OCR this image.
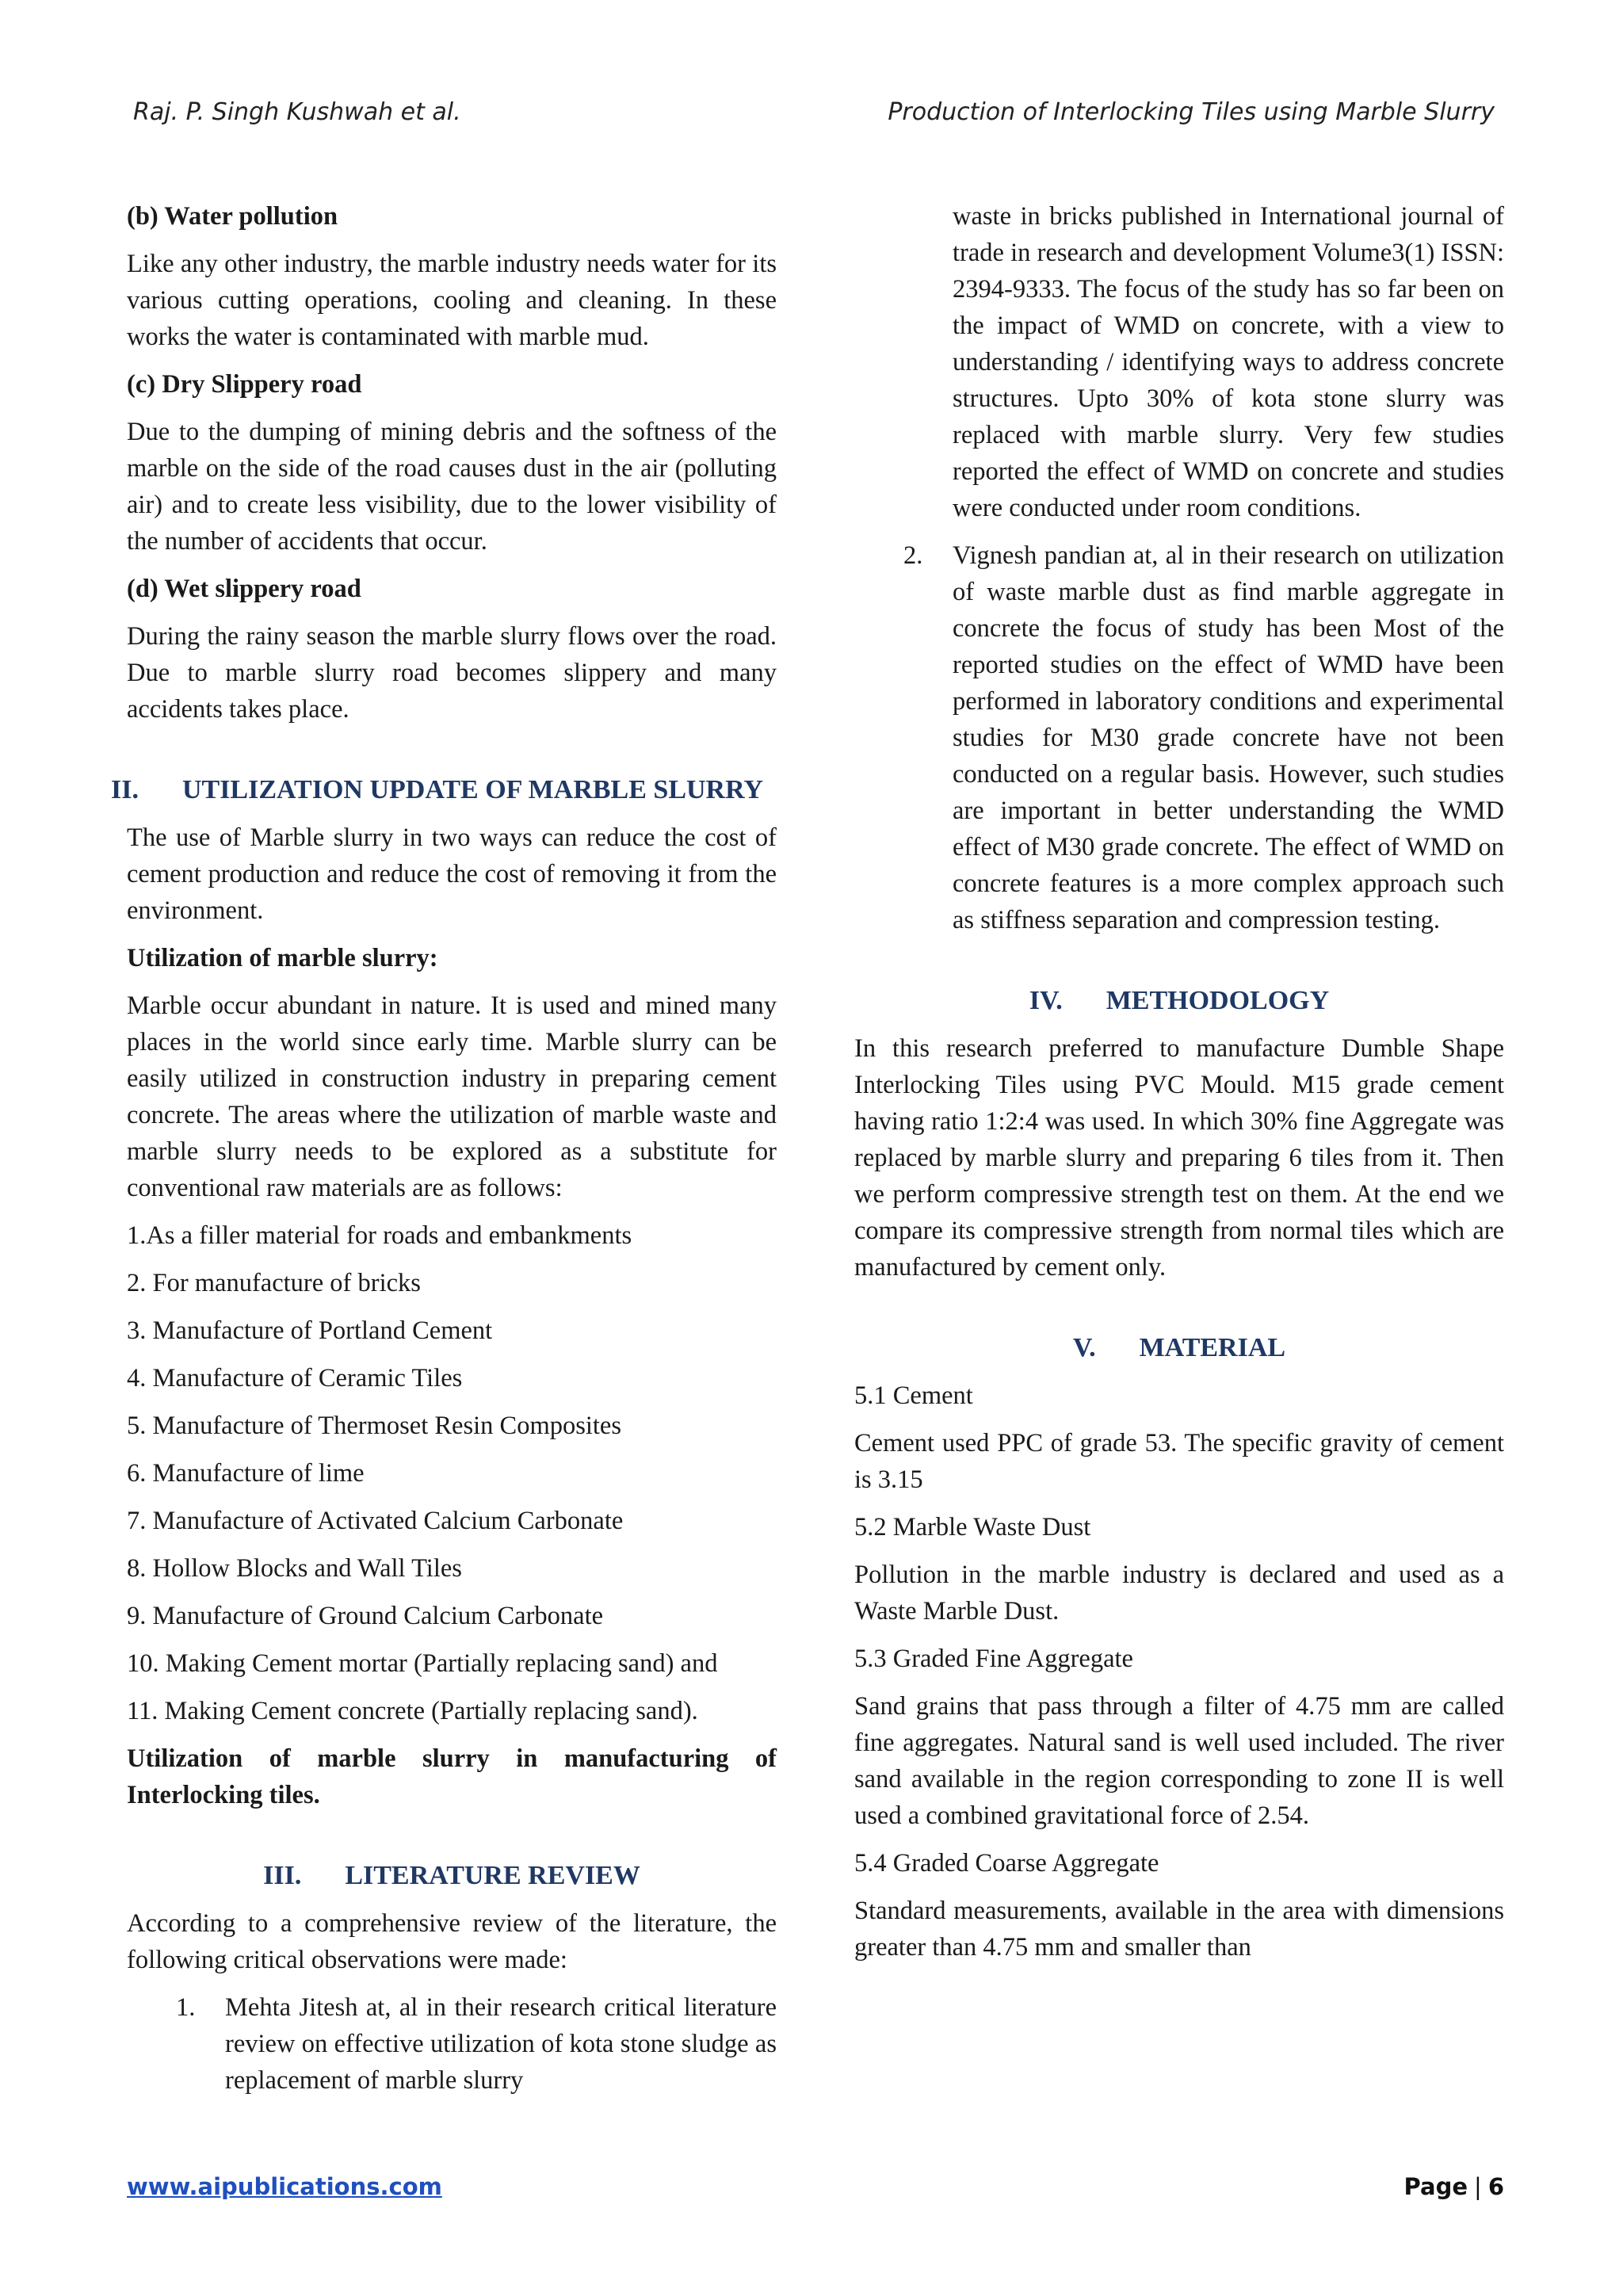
Raj. P. Singh Kushwah et al.	Production of Interlocking Tiles using Marble Slurry
(b) Water pollution

Like any other industry, the marble industry needs water for its various cutting operations, cooling and cleaning. In these works the water is contaminated with marble mud.

(c) Dry Slippery road

Due to the dumping of mining debris and the softness of the marble on the side of the road causes dust in the air (polluting air) and to create less visibility, due to the lower visibility of the number of accidents that occur.

(d) Wet slippery road

During the rainy season the marble slurry flows over the road. Due to marble slurry road becomes slippery and many accidents takes place.

II. UTILIZATION UPDATE OF MARBLE SLURRY

The use of Marble slurry in two ways can reduce the cost of cement production and reduce the cost of removing it from the environment.

Utilization of marble slurry:

Marble occur abundant in nature. It is used and mined many places in the world since early time. Marble slurry can be easily utilized in construction industry in preparing cement concrete. The areas where the utilization of marble waste and marble slurry needs to be explored as a substitute for conventional raw materials are as follows:

1.As a filler material for roads and embankments

2. For manufacture of bricks

3. Manufacture of Portland Cement

4. Manufacture of Ceramic Tiles

5. Manufacture of Thermoset Resin Composites

6. Manufacture of lime

7. Manufacture of Activated Calcium Carbonate

8. Hollow Blocks and Wall Tiles

9. Manufacture of Ground Calcium Carbonate

10. Making Cement mortar (Partially replacing sand) and

11. Making Cement concrete (Partially replacing sand).

Utilization of marble slurry in manufacturing of Interlocking tiles.
III. LITERATURE REVIEW

According to a comprehensive review of the literature, the following critical observations were made:

1. Mehta Jitesh at, al in their research critical literature review on effective utilization of kota stone sludge as replacement of marble slurry
waste in bricks published in International journal of trade in research and development Volume3(1) ISSN: 2394-9333. The focus of the study has so far been on the impact of WMD on concrete, with a view to understanding / identifying ways to address concrete structures. Upto 30% of kota stone slurry was replaced with marble slurry. Very few studies reported the effect of WMD on concrete and studies were conducted under room conditions.
2. Vignesh pandian at, al in their research on utilization of waste marble dust as find marble aggregate in concrete the focus of study has been Most of the reported studies on the effect of WMD have been performed in laboratory conditions and experimental studies for M30 grade concrete have not been conducted on a regular basis. However, such studies are important in better understanding the WMD effect of M30 grade concrete. The effect of WMD on concrete features is a more complex approach such as stiffness separation and compression testing.
IV. METHODOLOGY

In this research preferred to manufacture Dumble Shape Interlocking Tiles using PVC Mould. M15 grade cement having ratio 1:2:4 was used. In which 30% fine Aggregate was replaced by marble slurry and preparing 6 tiles from it. Then we perform compressive strength test on them. At the end we compare its compressive strength from normal tiles which are manufactured by cement only.

V. MATERIAL

5.1 Cement

Cement used PPC of grade 53. The specific gravity of cement is 3.15

5.2 Marble Waste Dust

Pollution in the marble industry is declared and used as a Waste Marble Dust.

5.3 Graded Fine Aggregate

Sand grains that pass through a filter of 4.75 mm are called fine aggregates. Natural sand is well used included. The river sand available in the region corresponding to zone II is well used a combined gravitational force of 2.54.

5.4 Graded Coarse Aggregate

Standard measurements, available in the area with dimensions greater than 4.75 mm and smaller than

www.aipublications.com	Page | 6
